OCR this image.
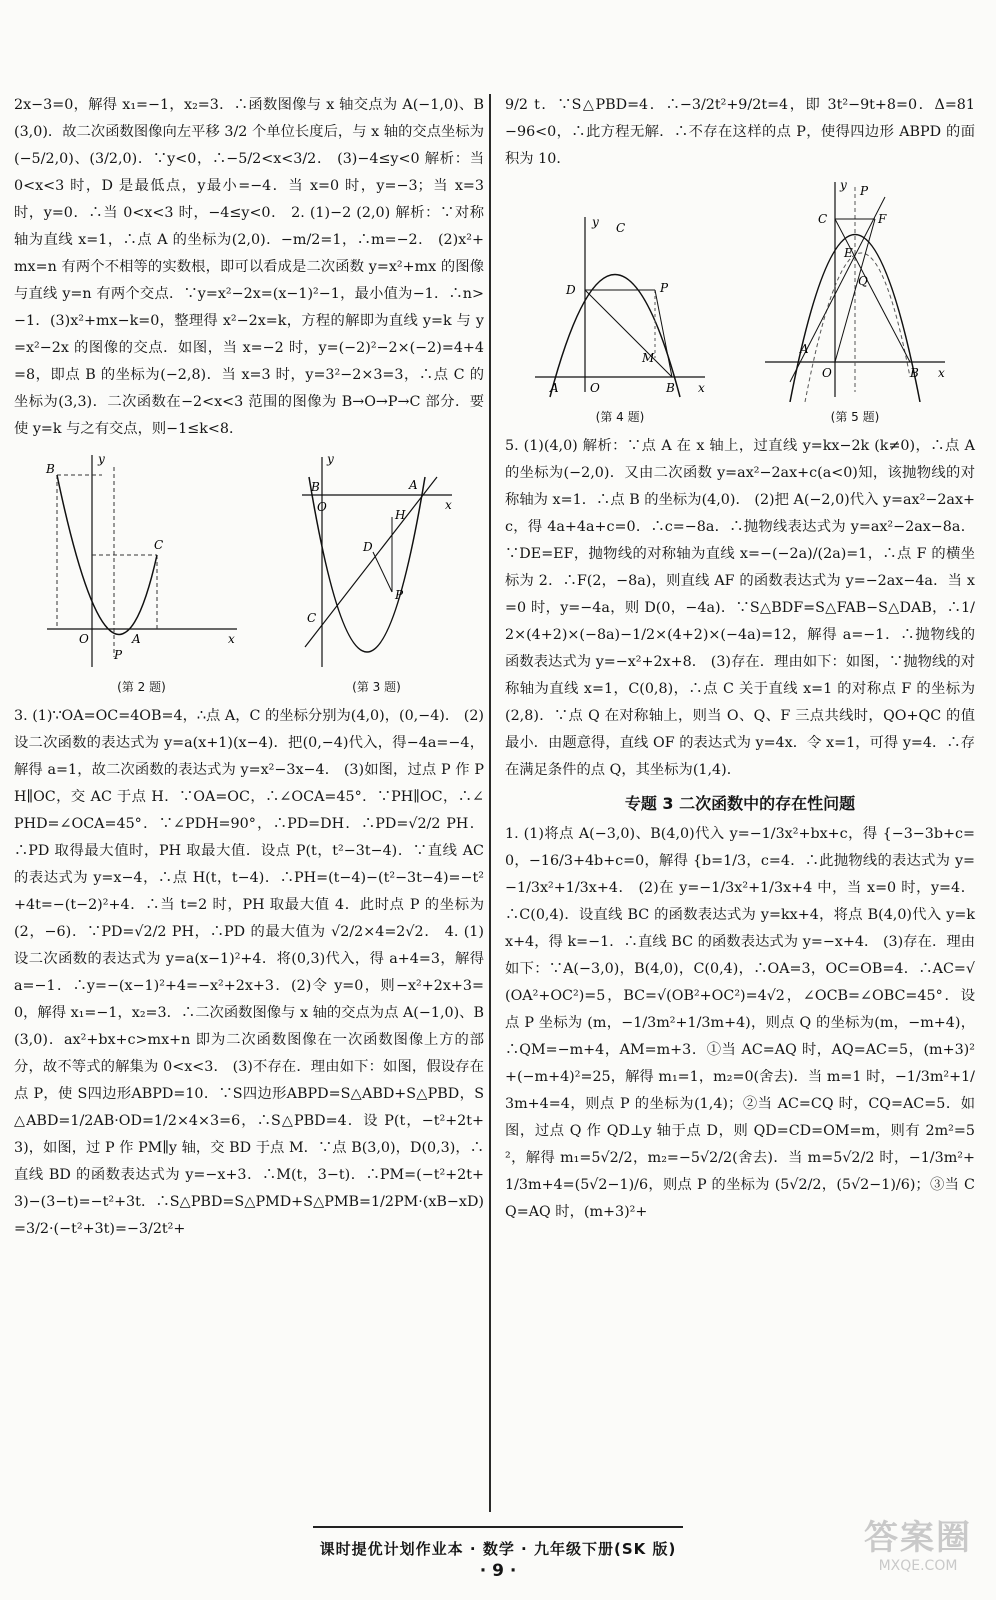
2x−3=0，解得 x₁=−1，x₂=3．∴函数图像与 x 轴交点为 A(−1,0)、B(3,0)．故二次函数图像向左平移 3/2 个单位长度后，与 x 轴的交点坐标为 (−5/2,0)、(3/2,0)．∵y<0，∴−5/2<x<3/2． (3)−4≤y<0 解析：当 0<x<3 时，D 是最低点，y最小=−4．当 x=0 时，y=−3；当 x=3 时，y=0．∴当 0<x<3 时，−4≤y<0． 2. (1)−2 (2,0) 解析：∵对称轴为直线 x=1，∴点 A 的坐标为(2,0)．−m/2=1，∴m=−2． (2)x²+mx=n 有两个不相等的实数根，即可以看成是二次函数 y=x²+mx 的图像与直线 y=n 有两个交点．∵y=x²−2x=(x−1)²−1，最小值为−1．∴n>−1．(3)x²+mx−k=0，整理得 x²−2x=k，方程的解即为直线 y=k 与 y=x²−2x 的图像的交点．如图，当 x=−2 时，y=(−2)²−2×(−2)=4+4=8，即点 B 的坐标为(−2,8)．当 x=3 时，y=3²−2×3=3，∴点 C 的坐标为(3,3)．二次函数在−2<x<3 范围的图像为 B→O→P→C 部分．要使 y=k 与之有交点，则−1≤k<8．

B
y
C
O	A
P
x
(第 2 题)
B
y
O
A
H
D
P
C
x
(第 3 题)

3. (1)∵OA=OC=4OB=4，∴点 A，C 的坐标分别为(4,0)，(0,−4)． (2)设二次函数的表达式为 y=a(x+1)(x−4)．把(0,−4)代入，得−4a=−4，解得 a=1，故二次函数的表达式为 y=x²−3x−4． (3)如图，过点 P 作 PH∥OC，交 AC 于点 H．∵OA=OC，∴∠OCA=45°．∵PH∥OC，∴∠PHD=∠OCA=45°．∵∠PDH=90°，∴PD=DH．∴PD=√2/2 PH．∴PD 取得最大值时，PH 取最大值．设点 P(t，t²−3t−4)．∵直线 AC 的表达式为 y=x−4，∴点 H(t，t−4)．∴PH=(t−4)−(t²−3t−4)=−t²+4t=−(t−2)²+4．∴当 t=2 时，PH 取最大值 4．此时点 P 的坐标为(2，−6)．∵PD=√2/2 PH，∴PD 的最大值为 √2/2×4=2√2． 4. (1)设二次函数的表达式为 y=a(x−1)²+4．将(0,3)代入，得 a+4=3，解得 a=−1．∴y=−(x−1)²+4=−x²+2x+3．(2)令 y=0，则−x²+2x+3=0，解得 x₁=−1，x₂=3．∴二次函数图像与 x 轴的交点为点 A(−1,0)、B(3,0)．ax²+bx+c>mx+n 即为二次函数图像在一次函数图像上方的部分，故不等式的解集为 0<x<3． (3)不存在．理由如下：如图，假设存在点 P，使 S四边形ABPD=10．∵S四边形ABPD=S△ABD+S△PBD，S△ABD=1/2AB·OD=1/2×4×3=6，∴S△PBD=4．设 P(t，−t²+2t+3)，如图，过 P 作 PM∥y 轴，交 BD 于点 M．∵点 B(3,0)，D(0,3)，∴直线 BD 的函数表达式为 y=−x+3．∴M(t，3−t)．∴PM=(−t²+2t+3)−(3−t)=−t²+3t．∴S△PBD=S△PMD+S△PMB=1/2PM·(xB−xD)=3/2·(−t²+3t)=−3/2t²+

9/2 t．∵S△PBD=4．∴−3/2t²+9/2t=4，即 3t²−9t+8=0．Δ=81−96<0，∴此方程无解．∴不存在这样的点 P，使得四边形 ABPD 的面积为 10．

y C
D	P
M
A	O	B x
(第 4 题)
y P
C	F
E
Q
A
O	B x
(第 5 题)

5. (1)(4,0) 解析：∵点 A 在 x 轴上，过直线 y=kx−2k (k≠0)，∴点 A 的坐标为(−2,0)．又由二次函数 y=ax²−2ax+c(a<0)知，该抛物线的对称轴为 x=1．∴点 B 的坐标为(4,0)． (2)把 A(−2,0)代入 y=ax²−2ax+c，得 4a+4a+c=0．∴c=−8a．∴抛物线表达式为 y=ax²−2ax−8a．∵DE=EF，抛物线的对称轴为直线 x=−(−2a)/(2a)=1，∴点 F 的横坐标为 2．∴F(2，−8a)，则直线 AF 的函数表达式为 y=−2ax−4a．当 x=0 时，y=−4a，则 D(0，−4a)．∵S△BDF=S△FAB−S△DAB，∴1/2×(4+2)×(−8a)−1/2×(4+2)×(−4a)=12，解得 a=−1．∴抛物线的函数表达式为 y=−x²+2x+8． (3)存在．理由如下：如图，∵抛物线的对称轴为直线 x=1，C(0,8)，∴点 C 关于直线 x=1 的对称点 F 的坐标为(2,8)．∵点 Q 在对称轴上，则当 O、Q、F 三点共线时，QO+QC 的值最小．由题意得，直线 OF 的表达式为 y=4x．令 x=1，可得 y=4．∴存在满足条件的点 Q，其坐标为(1,4)．

专题 3 二次函数中的存在性问题

1. (1)将点 A(−3,0)、B(4,0)代入 y=−1/3x²+bx+c，得 {−3−3b+c=0，−16/3+4b+c=0，解得 {b=1/3，c=4．∴此抛物线的表达式为 y=−1/3x²+1/3x+4． (2)在 y=−1/3x²+1/3x+4 中，当 x=0 时，y=4．∴C(0,4)．设直线 BC 的函数表达式为 y=kx+4，将点 B(4,0)代入 y=kx+4，得 k=−1．∴直线 BC 的函数表达式为 y=−x+4． (3)存在．理由如下：∵A(−3,0)，B(4,0)，C(0,4)，∴OA=3，OC=OB=4．∴AC=√(OA²+OC²)=5，BC=√(OB²+OC²)=4√2，∠OCB=∠OBC=45°．设点 P 坐标为 (m，−1/3m²+1/3m+4)，则点 Q 的坐标为(m，−m+4)，∴QM=−m+4，AM=m+3．①当 AC=AQ 时，AQ=AC=5，(m+3)²+(−m+4)²=25，解得 m₁=1，m₂=0(舍去)．当 m=1 时，−1/3m²+1/3m+4=4，则点 P 的坐标为(1,4)；②当 AC=CQ 时，CQ=AC=5．如图，过点 Q 作 QD⊥y 轴于点 D，则 QD=CD=OM=m，则有 2m²=5²，解得 m₁=5√2/2，m₂=−5√2/2(舍去)．当 m=5√2/2 时，−1/3m²+1/3m+4=(5√2−1)/6，则点 P 的坐标为 (5√2/2，(5√2−1)/6)；③当 CQ=AQ 时，(m+3)²+

课时提优计划作业本 · 数学 · 九年级下册(SK 版)
· 9 ·
答案圈
MXQE.COM
